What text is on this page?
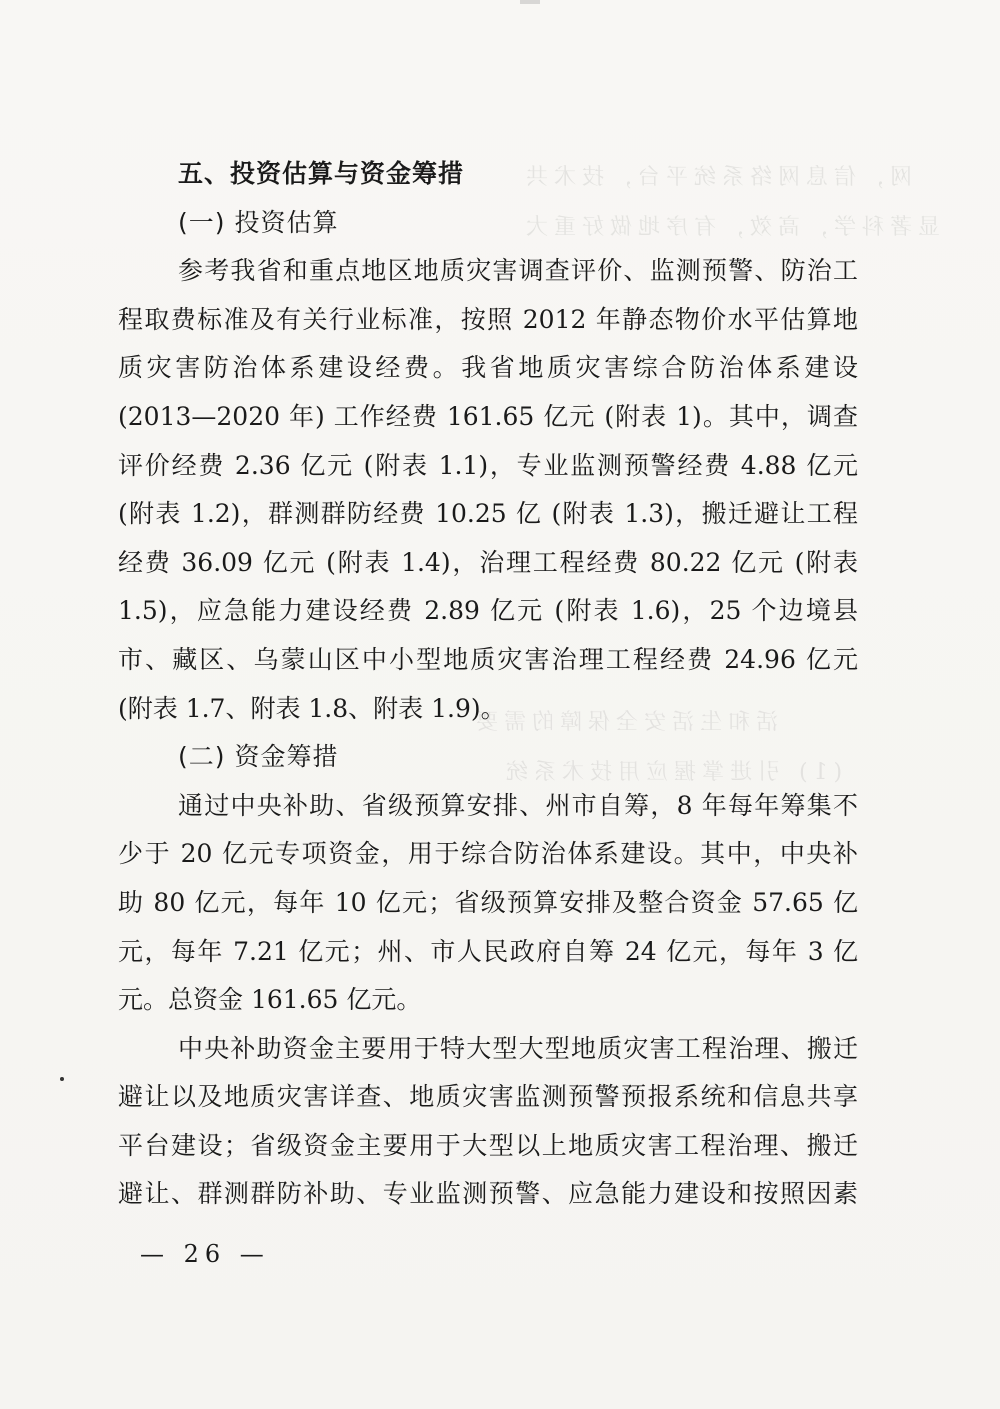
网，信息网络系统平台，技术共
显著科学，高效，有序地做好重大
活和生活安全保障的需要
(1) 引进掌握应用技术系统
五、投资估算与资金筹措
(一) 投资估算
参考我省和重点地区地质灾害调查评价、监测预警、防治工
程取费标准及有关行业标准，按照 2012 年静态物价水平估算地
质灾害防治体系建设经费。我省地质灾害综合防治体系建设
(2013—2020 年) 工作经费 161.65 亿元 (附表 1)。其中，调查
评价经费 2.36 亿元 (附表 1.1)，专业监测预警经费 4.88 亿元
(附表 1.2)，群测群防经费 10.25 亿 (附表 1.3)，搬迁避让工程
经费 36.09 亿元 (附表 1.4)，治理工程经费 80.22 亿元 (附表
1.5)，应急能力建设经费 2.89 亿元 (附表 1.6)，25 个边境县
市、藏区、乌蒙山区中小型地质灾害治理工程经费 24.96 亿元
(附表 1.7、附表 1.8、附表 1.9)。
(二) 资金筹措
通过中央补助、省级预算安排、州市自筹，8 年每年筹集不
少于 20 亿元专项资金，用于综合防治体系建设。其中，中央补
助 80 亿元，每年 10 亿元；省级预算安排及整合资金 57.65 亿
元，每年 7.21 亿元；州、市人民政府自筹 24 亿元，每年 3 亿
元。总资金 161.65 亿元。
中央补助资金主要用于特大型大型地质灾害工程治理、搬迁
避让以及地质灾害详查、地质灾害监测预警预报系统和信息共享
平台建设；省级资金主要用于大型以上地质灾害工程治理、搬迁
避让、群测群防补助、专业监测预警、应急能力建设和按照因素
— 26 —
